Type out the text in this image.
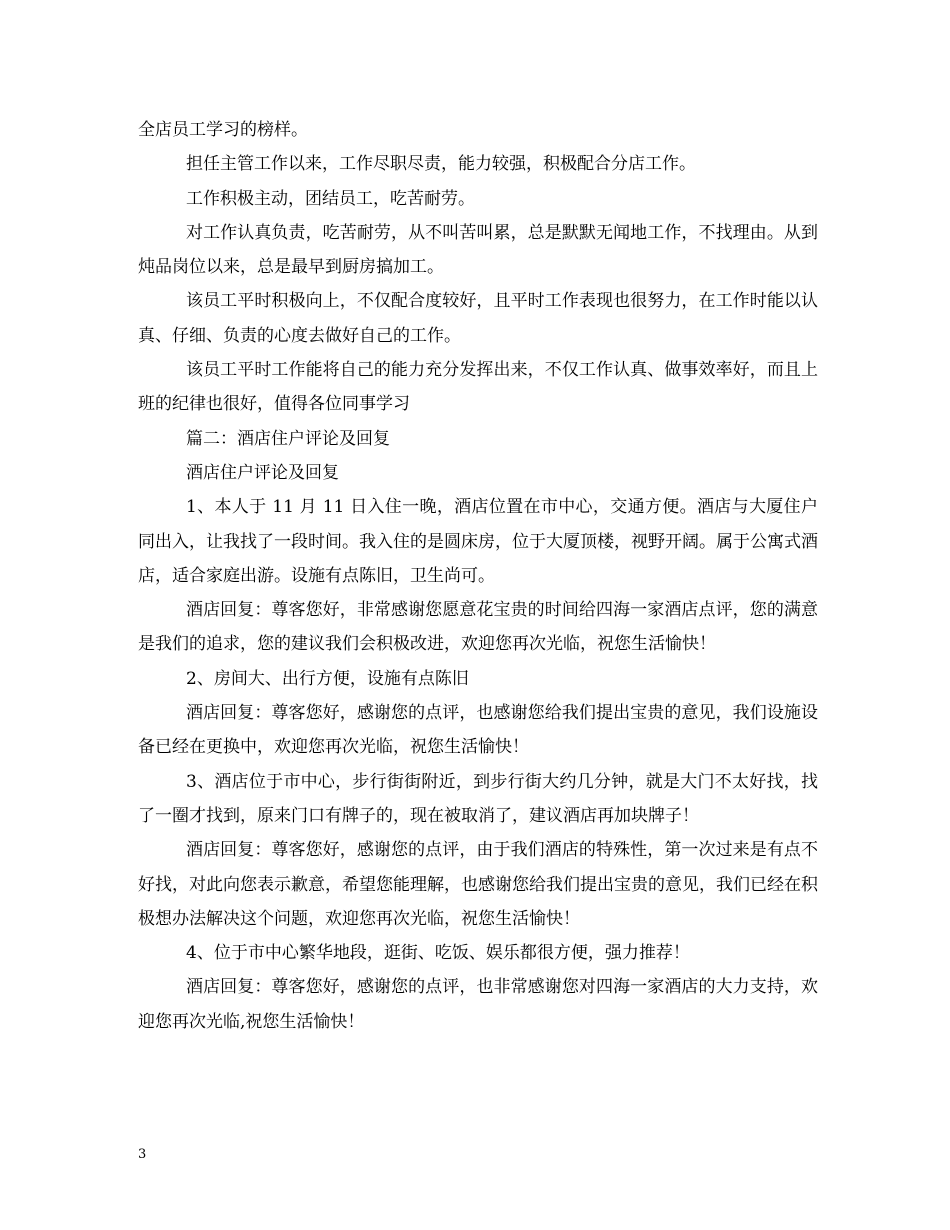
全店员工学习的榜样。

担任主管工作以来，工作尽职尽责，能力较强，积极配合分店工作。

工作积极主动，团结员工，吃苦耐劳。

对工作认真负责，吃苦耐劳，从不叫苦叫累，总是默默无闻地工作，不找理由。从到炖品岗位以来，总是最早到厨房搞加工。

该员工平时积极向上，不仅配合度较好，且平时工作表现也很努力，在工作时能以认真、仔细、负责的心度去做好自己的工作。

该员工平时工作能将自己的能力充分发挥出来，不仅工作认真、做事效率好，而且上班的纪律也很好，值得各位同事学习

篇二：酒店住户评论及回复

酒店住户评论及回复

1、本人于 11 月 11 日入住一晚，酒店位置在市中心，交通方便。酒店与大厦住户同出入，让我找了一段时间。我入住的是圆床房，位于大厦顶楼，视野开阔。属于公寓式酒店，适合家庭出游。设施有点陈旧，卫生尚可。

酒店回复：尊客您好，非常感谢您愿意花宝贵的时间给四海一家酒店点评，您的满意是我们的追求，您的建议我们会积极改进，欢迎您再次光临，祝您生活愉快！

2、房间大、出行方便，设施有点陈旧

酒店回复：尊客您好，感谢您的点评，也感谢您给我们提出宝贵的意见，我们设施设备已经在更换中，欢迎您再次光临，祝您生活愉快！

3、酒店位于市中心，步行街街附近，到步行街大约几分钟，就是大门不太好找，找了一圈才找到，原来门口有牌子的，现在被取消了，建议酒店再加块牌子！

酒店回复：尊客您好，感谢您的点评，由于我们酒店的特殊性，第一次过来是有点不好找，对此向您表示歉意，希望您能理解，也感谢您给我们提出宝贵的意见，我们已经在积极想办法解决这个问题，欢迎您再次光临，祝您生活愉快！

4、位于市中心繁华地段，逛街、吃饭、娱乐都很方便，强力推荐！

酒店回复：尊客您好，感谢您的点评，也非常感谢您对四海一家酒店的大力支持，欢迎您再次光临,祝您生活愉快！

3
